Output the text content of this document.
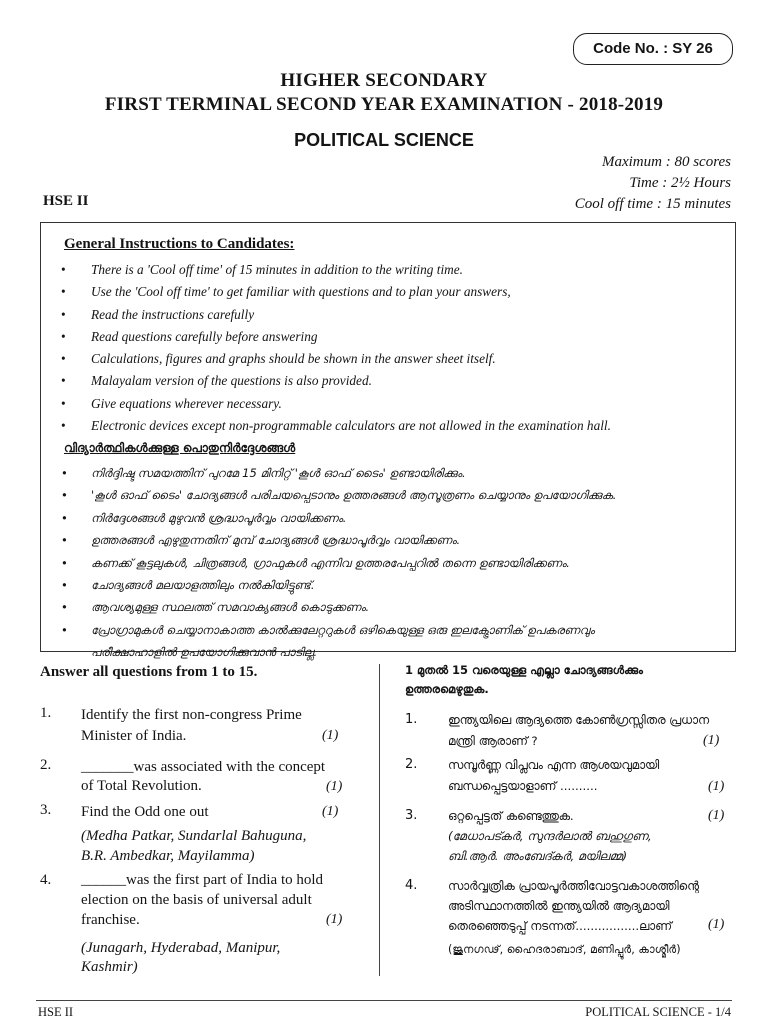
Code No. : SY 26
HIGHER SECONDARY
FIRST TERMINAL SECOND YEAR EXAMINATION - 2018-2019
POLITICAL SCIENCE
Maximum : 80 scores
Time : 2½ Hours
Cool off time : 15 minutes
HSE II
General Instructions to Candidates:
• There is a 'Cool off time' of 15 minutes in addition to the writing time.
• Use the 'Cool off time' to get familiar with questions and to plan your answers,
• Read the instructions carefully
• Read questions carefully before answering
• Calculations, figures and graphs should be shown in the answer sheet itself.
• Malayalam version of the questions is also provided.
• Give equations wherever necessary.
• Electronic devices except non-programmable calculators are not allowed in the examination hall.
വിദ്യാർത്ഥികൾക്കുള്ള പൊതുനിർദ്ദേശങ്ങൾ
• നിർദ്ദിഷ്ട സമയത്തിന് പുറമേ 15 മിനിറ്റ് 'കൂൾ ഓഫ് ടൈം' ഉണ്ടായിരിക്കും.
• 'കൂൾ ഓഫ് ടൈം' ചോദ്യങ്ങൾ പരിചയപ്പെടാനും ഉത്തരങ്ങൾ ആസൂത്രണം ചെയ്യാനും ഉപയോഗിക്കുക.
• നിർദ്ദേശങ്ങൾ മുഴുവൻ ശ്രദ്ധാപൂർവ്വം വായിക്കണം.
• ഉത്തരങ്ങൾ എഴുതുന്നതിന് മുമ്പ് ചോദ്യങ്ങൾ ശ്രദ്ധാപൂർവ്വം വായിക്കണം.
• കണക്ക് കൂട്ടലുകൾ, ചിത്രങ്ങൾ, ഗ്രാഫുകൾ എന്നിവ ഉത്തരപേപ്പറിൽ തന്നെ ഉണ്ടായിരിക്കണം.
• ചോദ്യങ്ങൾ മലയാളത്തിലും നൽകിയിട്ടുണ്ട്.
• ആവശ്യമുള്ള സ്ഥലത്ത് സമവാക്യങ്ങൾ കൊടുക്കണം.
• പ്രോഗ്രാമുകൾ ചെയ്യാനാകാത്ത കാൽക്കുലേറ്ററുകൾ ഒഴികെയുള്ള ഒരു ഇലക്ട്രോണിക് ഉപകരണവും
പരീക്ഷാഹാളിൽ ഉപയോഗിക്കുവാൻ പാടില്ല.
Answer all questions from 1 to 15.
1. Identify the first non-congress Prime
Minister of India.	(1)
2. _______was associated with the concept
of Total Revolution.	(1)
3. Find the Odd one out	(1)
(Medha Patkar, Sundarlal Bahuguna,
B.R. Ambedkar, Mayilamma)
4. ______was the first part of India to hold
election on the basis of universal adult
franchise.	(1)
(Junagarh, Hyderabad, Manipur,
Kashmir)
1 മുതൽ 15 വരെയുള്ള എല്ലാ ചോദ്യങ്ങൾക്കും
ഉത്തരമെഴുതുക.
1.	ഇന്ത്യയിലെ ആദ്യത്തെ കോൺഗ്രസ്സിതര പ്രധാന
മന്ത്രി ആരാണ് ?	(1)
2.	സമ്പൂർണ്ണ വിപ്ലവം എന്ന ആശയവുമായി
ബന്ധപ്പെട്ടയാളാണ് ..........	(1)
3.	ഒറ്റപ്പെട്ടത് കണ്ടെത്തുക.	(1)
(മേധാപട്കർ, സുന്ദർലാൽ ബഹുഗുണ,
ബി.ആർ. അംബേദ്കർ, മയിലമ്മ)
4.	സാർവ്വത്രിക പ്രായപൂർത്തിവോട്ടവകാശത്തിന്റെ
അടിസ്ഥാനത്തിൽ ഇന്ത്യയിൽ ആദ്യമായി
തെരഞ്ഞെടുപ്പ് നടന്നത്.................ലാണ്	(1)
(ജുനഗഢ്, ഹൈദരാബാദ്, മണിപ്പൂർ, കാശ്മീർ)
HSE II	POLITICAL SCIENCE - 1/4
